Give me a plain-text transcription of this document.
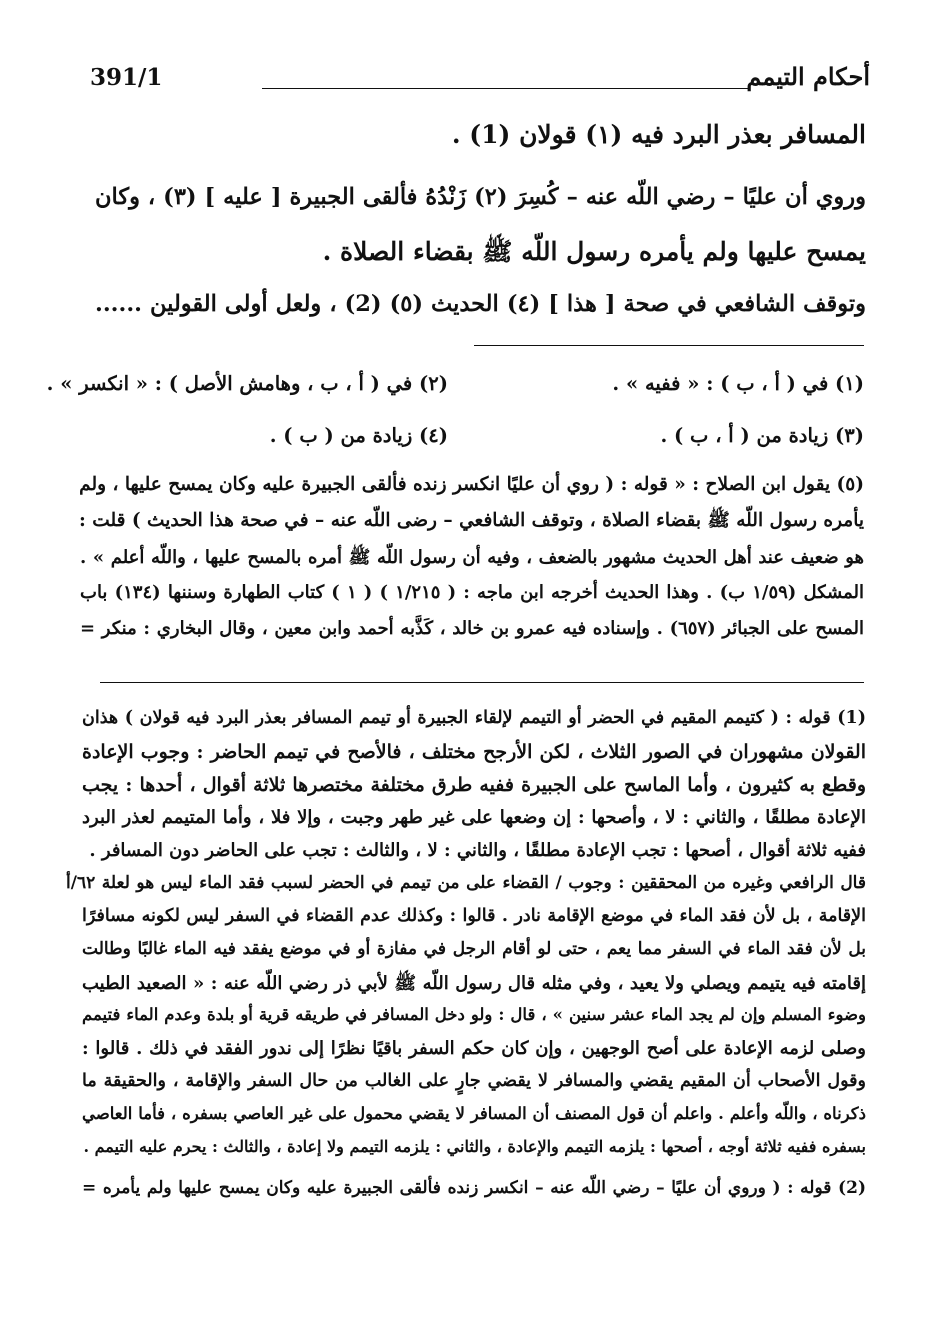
391/1	أحكام التيمم
المسافر بعذر البرد فيه (١) قولان (1) .
وروي أن عليًا – رضي اللّه عنه – كُسِرَ (٢) زَنْدُهُ فألقى الجبيرة [ عليه ] (٣) ، وكان
يمسح عليها ولم يأمره رسول اللّه ﷺ بقضاء الصلاة .
وتوقف الشافعي في صحة [ هذا ] (٤) الحديث (٥) (2) ، ولعل أولى القولين ......
(١) في ( أ ، ب ) : « ففيه » .
(٢) في ( أ ، ب ، وهامش الأصل ) : « انكسر » .
(٣) زيادة من ( أ ، ب ) .
(٤) زيادة من ( ب ) .
(٥) يقول ابن الصلاح : « قوله : ( روي أن عليًا انكسر زنده فألقى الجبيرة عليه وكان يمسح عليها ، ولم
يأمره رسول اللّه ﷺ بقضاء الصلاة ، وتوقف الشافعي – رضى اللّه عنه – في صحة هذا الحديث ) قلت :
هو ضعيف عند أهل الحديث مشهور بالضعف ، وفيه أن رسول اللّه ﷺ أمره بالمسح عليها ، واللّه أعلم » .
المشكل (١/٥٩ ب) . وهذا الحديث أخرجه ابن ماجه : ( ١/٢١٥ ) ( ١ ) كتاب الطهارة وسننها (١٣٤) باب
المسح على الجبائر (٦٥٧) . وإسناده فيه عمرو بن خالد ، كَذَّبه أحمد وابن معين ، وقال البخاري : منكر =
(1) قوله : ( كتيمم المقيم في الحضر أو التيمم لإلقاء الجبيرة أو تيمم المسافر بعذر البرد فيه قولان ) هذان
القولان مشهوران في الصور الثلاث ، لكن الأرجح مختلف ، فالأصح في تيمم الحاضر : وجوب الإعادة
وقطع به كثيرون ، وأما الماسح على الجبيرة ففيه طرق مختلفة مختصرها ثلاثة أقوال ، أحدها : يجب
الإعادة مطلقًا ، والثاني : لا ، وأصحها : إن وضعها على غير طهر وجبت ، وإلا فلا ، وأما المتيمم لعذر البرد
ففيه ثلاثة أقوال ، أصحها : تجب الإعادة مطلقًا ، والثاني : لا ، والثالث : تجب على الحاضر دون المسافر .
قال الرافعي وغيره من المحققين : وجوب / القضاء على من تيمم في الحضر لسبب فقد الماء ليس هو لعلة ٦٢/أ
الإقامة ، بل لأن فقد الماء في موضع الإقامة نادر . قالوا : وكذلك عدم القضاء في السفر ليس لكونه مسافرًا
بل لأن فقد الماء في السفر مما يعم ، حتى لو أقام الرجل في مفازة أو في موضع يفقد فيه الماء غالبًا وطالت
إقامته فيه يتيمم ويصلي ولا يعيد ، وفي مثله قال رسول اللّه ﷺ لأبي ذر رضي اللّه عنه : « الصعيد الطيب
وضوء المسلم وإن لم يجد الماء عشر سنين » ، قال : ولو دخل المسافر في طريقه قرية أو بلدة وعدم الماء فتيمم
وصلى لزمه الإعادة على أصح الوجهين ، وإن كان حكم السفر باقيًا نظرًا إلى ندور الفقد في ذلك . قالوا :
وقول الأصحاب أن المقيم يقضي والمسافر لا يقضي جارٍ على الغالب من حال السفر والإقامة ، والحقيقة ما
ذكرناه ، واللّه وأعلم . واعلم أن قول المصنف أن المسافر لا يقضي محمول على غير العاصي بسفره ، فأما العاصي
بسفره ففيه ثلاثة أوجه ، أصحها : يلزمه التيمم والإعادة ، والثاني : يلزمه التيمم ولا إعادة ، والثالث : يحرم عليه التيمم .
(2) قوله : ( وروي أن عليًا – رضي اللّه عنه – انكسر زنده فألقى الجبيرة عليه وكان يمسح عليها ولم يأمره =
